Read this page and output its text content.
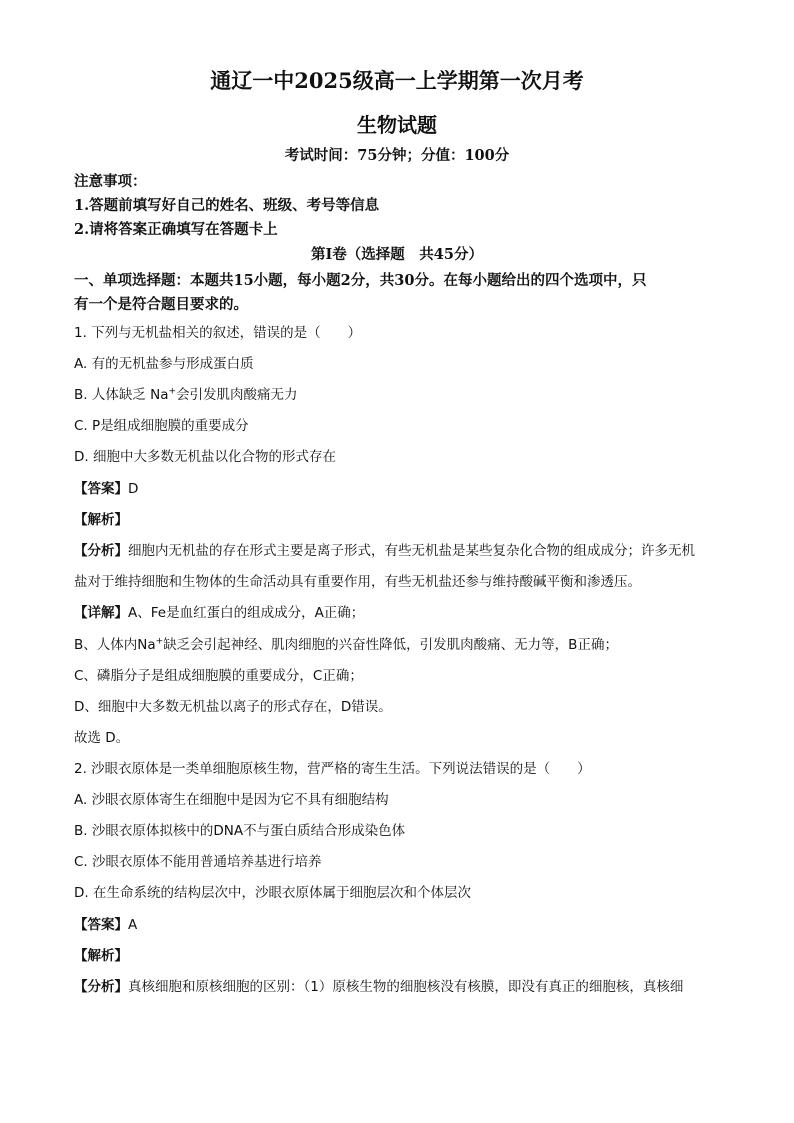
通辽一中2025级高一上学期第一次月考
生物试题
考试时间：75分钟；分值：100分
注意事项：
1.答题前填写好自己的姓名、班级、考号等信息
2.请将答案正确填写在答题卡上
第I卷（选择题　共45分）
一、单项选择题：本题共15小题，每小题2分，共30分。在每小题给出的四个选项中，只
有一个是符合题目要求的。
1. 下列与无机盐相关的叙述，错误的是（　　）
A. 有的无机盐参与形成蛋白质
B. 人体缺乏 Na+会引发肌肉酸痛无力
C. P是组成细胞膜的重要成分
D. 细胞中大多数无机盐以化合物的形式存在
【答案】D
【解析】
【分析】细胞内无机盐的存在形式主要是离子形式，有些无机盐是某些复杂化合物的组成成分；许多无机
盐对于维持细胞和生物体的生命活动具有重要作用，有些无机盐还参与维持酸碱平衡和渗透压。
【详解】A、Fe是血红蛋白的组成成分，A正确；
B、人体内Na+缺乏会引起神经、肌肉细胞的兴奋性降低，引发肌肉酸痛、无力等，B正确；
C、磷脂分子是组成细胞膜的重要成分，C正确；
D、细胞中大多数无机盐以离子的形式存在，D错误。
故选 D。
2. 沙眼衣原体是一类单细胞原核生物，营严格的寄生生活。下列说法错误的是（　　）
A. 沙眼衣原体寄生在细胞中是因为它不具有细胞结构
B. 沙眼衣原体拟核中的DNA不与蛋白质结合形成染色体
C. 沙眼衣原体不能用普通培养基进行培养
D. 在生命系统的结构层次中，沙眼衣原体属于细胞层次和个体层次
【答案】A
【解析】
【分析】真核细胞和原核细胞的区别：（1）原核生物的细胞核没有核膜，即没有真正的细胞核，真核细
